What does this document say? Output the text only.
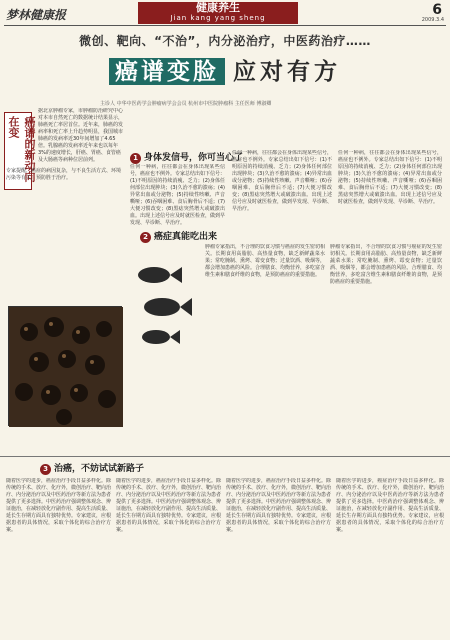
梦林健康报
健康养生
Jian kang yang sheng	6
2009.3.4
微创、靶向、“不治”，内分泌治疗，中医药治疗……
癌谱变脸 应对有方
主诊人 中华中医药学会肿瘤病学会会员 杭州市中医院肿瘤科 主任医师 傅淑卿
癌谱的新动向在变

据北京肿瘤专家，市肿瘤防治研究中心对本市自然死亡的数据统计结果显示，肺癌死亡率居首位。近年来，肺癌的发病率和死亡率上升趋势明显，我国城市肺癌的发病率近30年间增加了4.65倍。乳腺癌的发病率近年来也以每年3%的速度增长，肝癌、胃癌、食管癌及大肠癌等病种位居前列。

专家提醒，癌症的病因复杂，与不良生活方式、环境污染等有关，预防胜于治疗。

1 身体发信号，你可当心了
任何一种病，往往都会在身体出现某些信号，癌症也不例外。专家总结出如下信号：(1)不明原因的持续消瘦、乏力；(2)身体任何部位出现肿块；(3)久治不愈的溃疡；(4)异常出血或分泌物；(5)持续性咳嗽、声音嘶哑；(6)吞咽困难、食后胸骨后不适；(7)大便习惯改变；(8)黑痣突然增大或破溃出血。出现上述信号应及时就医检查，做到早发现、早诊断、早治疗。
任何一种病，往往都会在身体出现某些信号，癌症也不例外。专家总结出如下信号：(1)不明原因的持续消瘦、乏力；(2)身体任何部位出现肿块；(3)久治不愈的溃疡；(4)异常出血或分泌物；(5)持续性咳嗽、声音嘶哑；(6)吞咽困难、食后胸骨后不适；(7)大便习惯改变；(8)黑痣突然增大或破溃出血。出现上述信号应及时就医检查，做到早发现、早诊断、早治疗。
任何一种病，往往都会在身体出现某些信号，癌症也不例外。专家总结出如下信号：(1)不明原因的持续消瘦、乏力；(2)身体任何部位出现肿块；(3)久治不愈的溃疡；(4)异常出血或分泌物；(5)持续性咳嗽、声音嘶哑；(6)吞咽困难、食后胸骨后不适；(7)大便习惯改变；(8)黑痣突然增大或破溃出血。出现上述信号应及时就医检查，做到早发现、早诊断、早治疗。
2 癌症真能吃出来
肿瘤专家指出，不合理的饮食习惯与癌症的发生密切相关。长期食用高脂肪、高热量食物，缺乏新鲜蔬菜水果；常吃腌制、熏烤、霉变食物；过量饮酒、吸烟等，都会增加患癌的风险。合理膳食、均衡营养，多吃富含维生素和膳食纤维的食物，是预防癌症的重要措施。
肿瘤专家指出，不合理的饮食习惯与癌症的发生密切相关。长期食用高脂肪、高热量食物，缺乏新鲜蔬菜水果；常吃腌制、熏烤、霉变食物；过量饮酒、吸烟等，都会增加患癌的风险。合理膳食、均衡营养，多吃富含维生素和膳食纤维的食物，是预防癌症的重要措施。
3 治癌，不妨试试新路子
随着医学的进步，癌症治疗手段日益多样化。除传统的手术、放疗、化疗外，微创治疗、靶向治疗、内分泌治疗以及中医药治疗等新方法为患者提供了更多选择。中医药治疗强调整体观念、辨证施治，在减轻放化疗副作用、提高生活质量、延长生存期方面具有独特优势。专家建议，应根据患者的具体情况，采取个体化的综合治疗方案。
随着医学的进步，癌症治疗手段日益多样化。除传统的手术、放疗、化疗外，微创治疗、靶向治疗、内分泌治疗以及中医药治疗等新方法为患者提供了更多选择。中医药治疗强调整体观念、辨证施治，在减轻放化疗副作用、提高生活质量、延长生存期方面具有独特优势。专家建议，应根据患者的具体情况，采取个体化的综合治疗方案。
随着医学的进步，癌症治疗手段日益多样化。除传统的手术、放疗、化疗外，微创治疗、靶向治疗、内分泌治疗以及中医药治疗等新方法为患者提供了更多选择。中医药治疗强调整体观念、辨证施治，在减轻放化疗副作用、提高生活质量、延长生存期方面具有独特优势。专家建议，应根据患者的具体情况，采取个体化的综合治疗方案。
随着医学的进步，癌症治疗手段日益多样化。除传统的手术、放疗、化疗外，微创治疗、靶向治疗、内分泌治疗以及中医药治疗等新方法为患者提供了更多选择。中医药治疗强调整体观念、辨证施治，在减轻放化疗副作用、提高生活质量、延长生存期方面具有独特优势。专家建议，应根据患者的具体情况，采取个体化的综合治疗方案。
